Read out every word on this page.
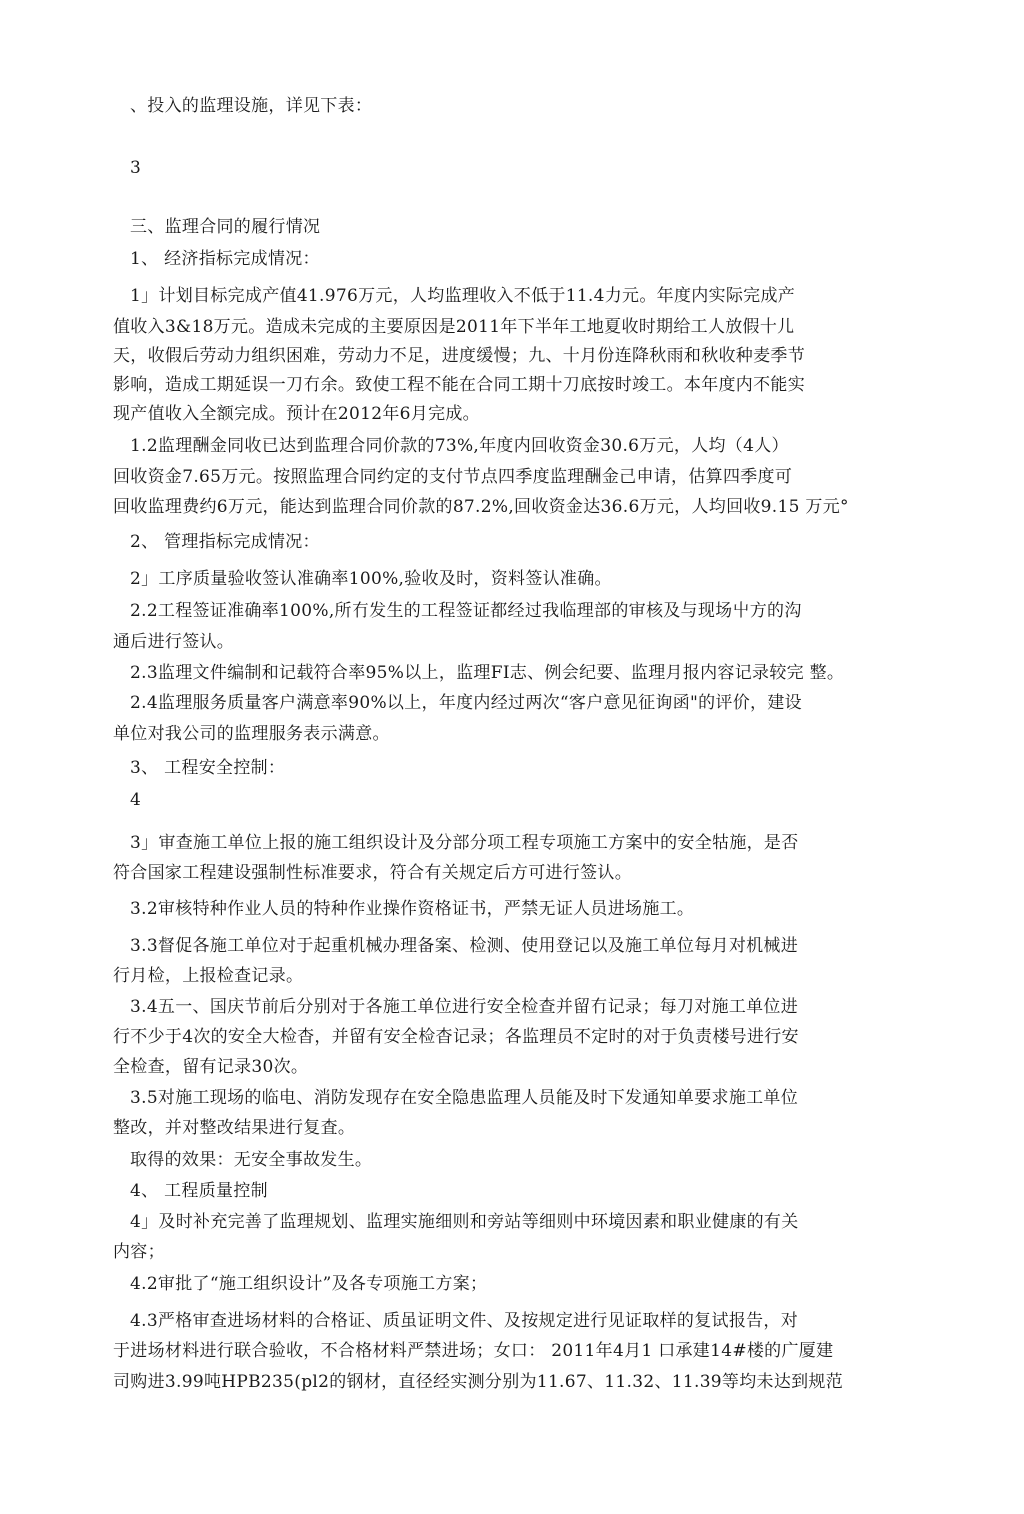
、投入的监理设施，详见下表：
3
三、监理合同的履行情况
1、 经济指标完成情况：
1」计划目标完成产值41.976万元，人均监理收入不低于11.4力元。年度内实际完成产
值收入3&18万元。造成未完成的主要原因是2011年下半年工地夏收时期给工人放假十儿
天，收假后劳动力组织困难，劳动力不足，进度缓慢；九、十月份连降秋雨和秋收种麦季节
影响，造成工期延误一刀冇余。致使工程不能在合同工期十刀底按时竣工。本年度内不能实
现产值收入全额完成。预计在2012年6月完成。
1.2监理酬金同收已达到监理合同价款的73%,年度内回收资金30.6万元，人均（4人）
回收资金7.65万元。按照监理合同约定的支付节点四季度监理酬金己申请，估算四季度可
回收监理费约6万元，能达到监理合同价款的87.2%,回收资金达36.6万元，人均回收9.15 万元°
2、 管理指标完成情况：
2」工序质量验收签认准确率100%,验收及时，资料签认准确。
2.2工程签证准确率100%,所冇发生的工程签证都经过我临理部的审核及与现场屮方的沟
通后进行签认。
2.3监理文件编制和记载符合率95%以上，监理FI志、例会纪要、监理月报内容记录较完 整。
2.4监理服务质量客户满意率90%以上，年度内经过两次“客户意见征询函"的评价，建设
单位对我公司的监理服务表示满意。
3、 工程安全控制：
4
3」审查施工单位上报的施工组织设计及分部分项工程专项施工方案中的安全牯施，是否
符合国家工程建设强制性标准要求，符合有关规定后方可进行签认。
3.2审核特种作业人员的特种作业操作资格证书，严禁无证人员进场施工。
3.3督促各施工单位对于起重机械办理备案、检测、使用登记以及施工单位每月对机械进
行月检，上报检查记录。
3.4五一、国庆节前后分别对于各施工单位进行安全检查并留冇记录；每刀对施工单位进
行不少于4次的安全大检杳，并留有安全检杳记录；各监理员不定时的对于负责楼号进行安
全检查，留有记录30次。
3.5对施工现场的临电、消防发现存在安全隐患监理人员能及时下发通知单要求施工单位
整改，并对整改结果进行复査。
取得的效果：无安全事故发生。
4、 工程质量控制
4」及时补充完善了监理规划、监理实施细则和旁站等细则中环境因素和职业健康的有关
内容；
4.2审批了“施工组织设计”及各专项施工方案；
4.3严格审查进场材料的合格证、质虽证明文件、及按规定进行见证取样的复试报告，对
于进场材料进行联合验收，不合格材料严禁进场；女口： 2011年4月1 口承建14#楼的广厦建
司购进3.99吨HPB235(pl2的钢材，直径经实测分别为11.67、11.32、11.39等均未达到规范
